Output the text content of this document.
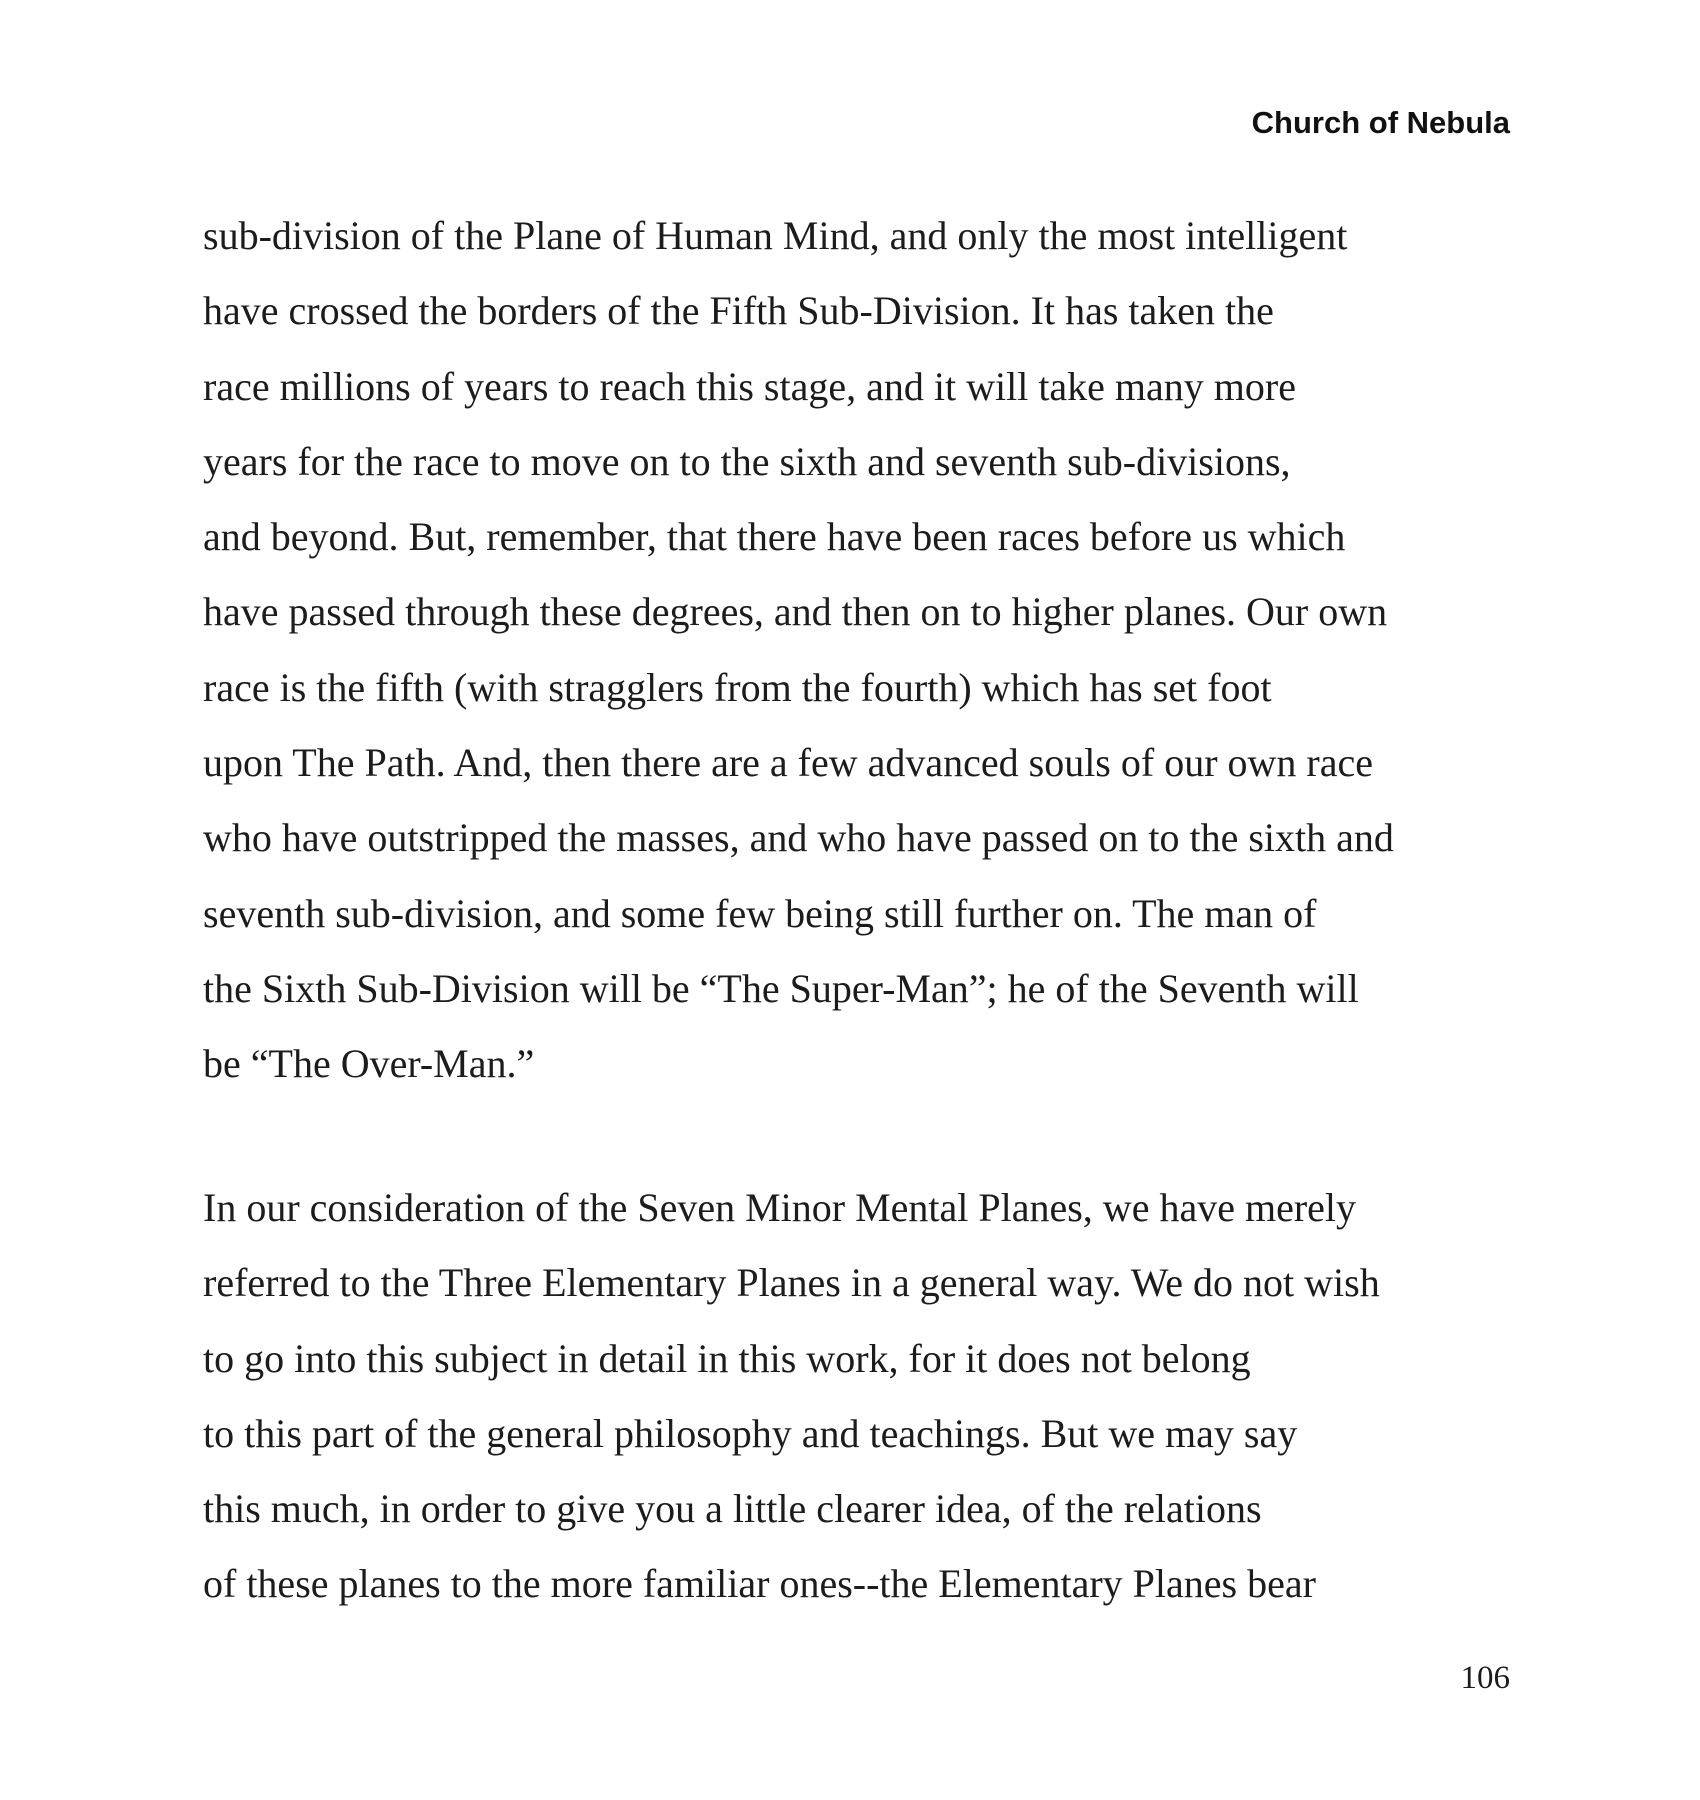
Church of Nebula
sub-division of the Plane of Human Mind, and only the most intelligent
have crossed the borders of the Fifth Sub-Division. It has taken the
race millions of years to reach this stage, and it will take many more
years for the race to move on to the sixth and seventh sub-divisions,
and beyond. But, remember, that there have been races before us which
have passed through these degrees, and then on to higher planes. Our own
race is the fifth (with stragglers from the fourth) which has set foot
upon The Path. And, then there are a few advanced souls of our own race
who have outstripped the masses, and who have passed on to the sixth and
seventh sub-division, and some few being still further on. The man of
the Sixth Sub-Division will be “The Super-Man”; he of the Seventh will
be “The Over-Man.”
In our consideration of the Seven Minor Mental Planes, we have merely
referred to the Three Elementary Planes in a general way. We do not wish
to go into this subject in detail in this work, for it does not belong
to this part of the general philosophy and teachings. But we may say
this much, in order to give you a little clearer idea, of the relations
of these planes to the more familiar ones--the Elementary Planes bear
106
